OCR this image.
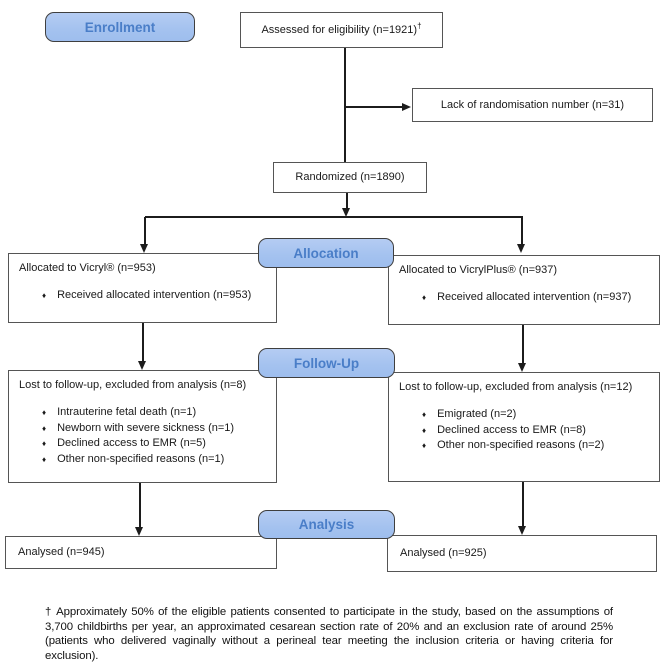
Enrollment
Allocation
Follow-Up
Analysis
Assessed for eligibility (n=1921)†
Lack of randomisation number (n=31)
Randomized (n=1890)
Allocated to Vicryl® (n=953)
♦ Received allocated intervention (n=953)
Allocated to VicrylPlus® (n=937)
♦ Received allocated intervention (n=937)
Lost to follow-up, excluded from analysis (n=8)
♦ Intrauterine fetal death (n=1)
♦ Newborn with severe sickness (n=1)
♦ Declined access to EMR (n=5)
♦ Other non-specified reasons (n=1)
Lost to follow-up, excluded from analysis (n=12)
♦ Emigrated (n=2)
♦ Declined access to EMR (n=8)
♦ Other non-specified reasons (n=2)
Analysed (n=945)	Analysed (n=925)

† Approximately 50% of the eligible patients consented to participate in the study, based on the assumptions of 3,700 childbirths per year, an approximated cesarean section rate of 20% and an exclusion rate of around 25% (patients who delivered vaginally without a perineal tear meeting the inclusion criteria or having criteria for exclusion).
